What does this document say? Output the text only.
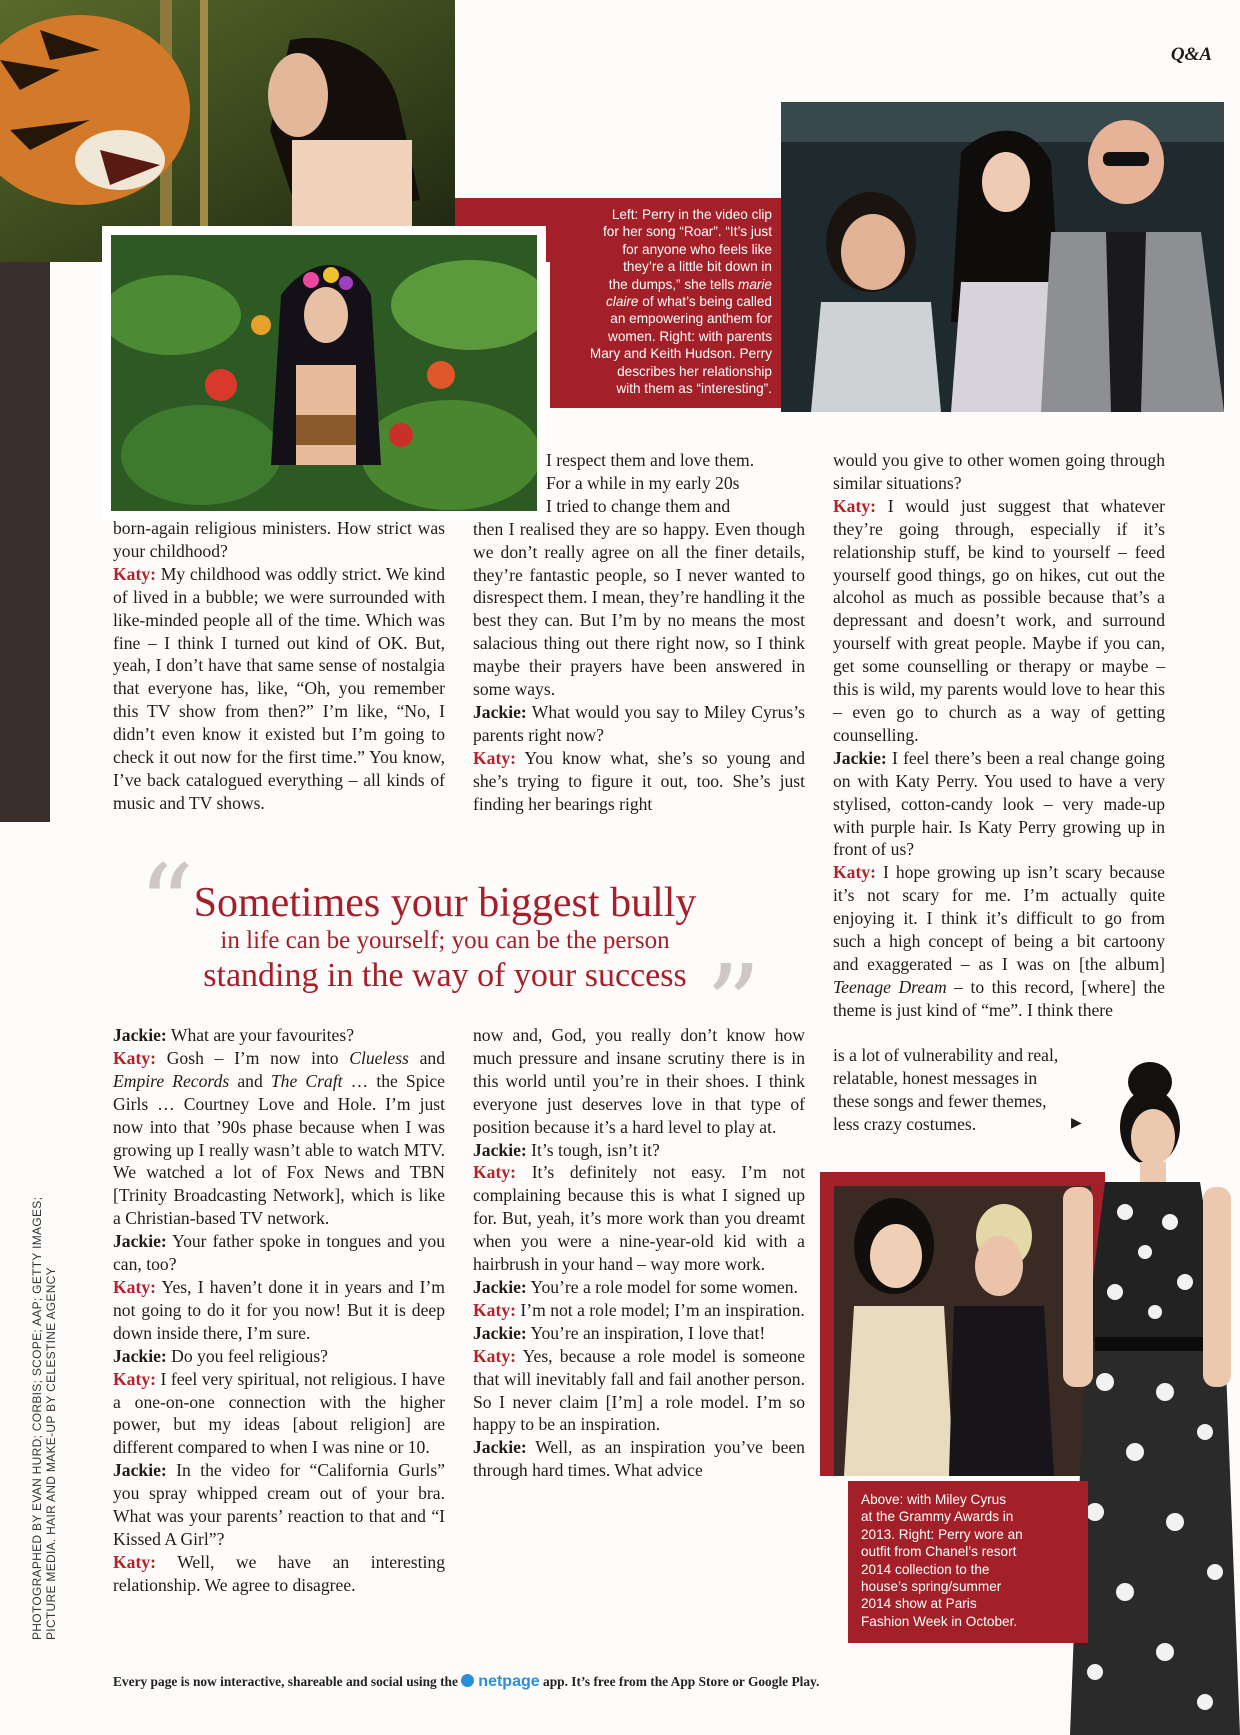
Left: Perry in the video clip
for her song “Roar”. “It’s just
for anyone who feels like
they’re a little bit down in
the dumps,” she tells marie
claire of what’s being called
an empowering anthem for
women. Right: with parents
Mary and Keith Hudson. Perry
describes her relationship
with them as “interesting”.
Q&A

born-again religious ministers. How strict was your childhood?

Katy: My childhood was oddly strict. We kind of lived in a bubble; we were surrounded with like-minded people all of the time. Which was fine – I think I turned out kind of OK. But, yeah, I don’t have that same sense of nostalgia that everyone has, like, “Oh, you remember this TV show from then?” I’m like, “No, I didn’t even know it existed but I’m going to check it out now for the first time.” You know, I’ve back catalogued everything – all kinds of music and TV shows.

I respect them and love them.

For a while in my early 20s

I tried to change them and

then I realised they are so happy. Even though we don’t really agree on all the finer details, they’re fantastic people, so I never wanted to disrespect them. I mean, they’re handling it the best they can. But I’m by no means the most salacious thing out there right now, so I think maybe their prayers have been answered in some ways.

Jackie: What would you say to Miley Cyrus’s parents right now?

Katy: You know what, she’s so young and she’s trying to figure it out, too. She’s just finding her bearings right

would you give to other women going through similar situations?

Katy: I would just suggest that whatever they’re going through, especially if it’s relationship stuff, be kind to yourself – feed yourself good things, go on hikes, cut out the alcohol as much as possible because that’s a depressant and doesn’t work, and surround yourself with great people. Maybe if you can, get some counselling or therapy or maybe – this is wild, my parents would love to hear this – even go to church as a way of getting counselling.

Jackie: I feel there’s been a real change going on with Katy Perry. You used to have a very stylised, cotton-candy look – very made-up with purple hair. Is Katy Perry growing up in front of us?

Katy: I hope growing up isn’t scary because it’s not scary for me. I’m actually quite enjoying it. I think it’s difficult to go from such a high concept of being a bit cartoony and exaggerated – as I was on [the album] Teenage Dream – to this record, [where] the theme is just kind of “me”. I think there

is a lot of vulnerability and real,

relatable, honest messages in

these songs and fewer themes,

less crazy costumes.	▶

“ Sometimes your biggest bully
in life can be yourself; you can be the person
standing in the way of your success ”

Jackie: What are your favourites?

Katy: Gosh – I’m now into Clueless and Empire Records and The Craft … the Spice Girls … Courtney Love and Hole. I’m just now into that ’90s phase because when I was growing up I really wasn’t able to watch MTV. We watched a lot of Fox News and TBN [Trinity Broadcasting Network], which is like a Christian-based TV network.

Jackie: Your father spoke in tongues and you can, too?

Katy: Yes, I haven’t done it in years and I’m not going to do it for you now! But it is deep down inside there, I’m sure.

Jackie: Do you feel religious?

Katy: I feel very spiritual, not religious. I have a one-on-one connection with the higher power, but my ideas [about religion] are different compared to when I was nine or 10.

Jackie: In the video for “California Gurls” you spray whipped cream out of your bra. What was your parents’ reaction to that and “I Kissed A Girl”?

Katy: Well, we have an interesting relationship. We agree to disagree.

now and, God, you really don’t know how much pressure and insane scrutiny there is in this world until you’re in their shoes. I think everyone just deserves love in that type of position because it’s a hard level to play at.

Jackie: It’s tough, isn’t it?

Katy: It’s definitely not easy. I’m not complaining because this is what I signed up for. But, yeah, it’s more work than you dreamt when you were a nine-year-old kid with a hairbrush in your hand – way more work.

Jackie: You’re a role model for some women.

Katy: I’m not a role model; I’m an inspiration.

Jackie: You’re an inspiration, I love that!

Katy: Yes, because a role model is someone that will inevitably fall and fail another person. So I never claim [I’m] a role model. I’m so happy to be an inspiration.

Jackie: Well, as an inspiration you’ve been through hard times. What advice

Above: with Miley Cyrus
at the Grammy Awards in
2013. Right: Perry wore an
outfit from Chanel’s resort
2014 collection to the
house’s spring/summer
2014 show at Paris
Fashion Week in October.
PHOTOGRAPHED BY EVAN HURD; CORBIS; SCOPE; AAP; GETTY IMAGES; PICTURE MEDIA. HAIR AND MAKE-UP BY CELESTINE AGENCY
Every page is now interactive, shareable and social using the netpage app. It’s free from the App Store or Google Play.
